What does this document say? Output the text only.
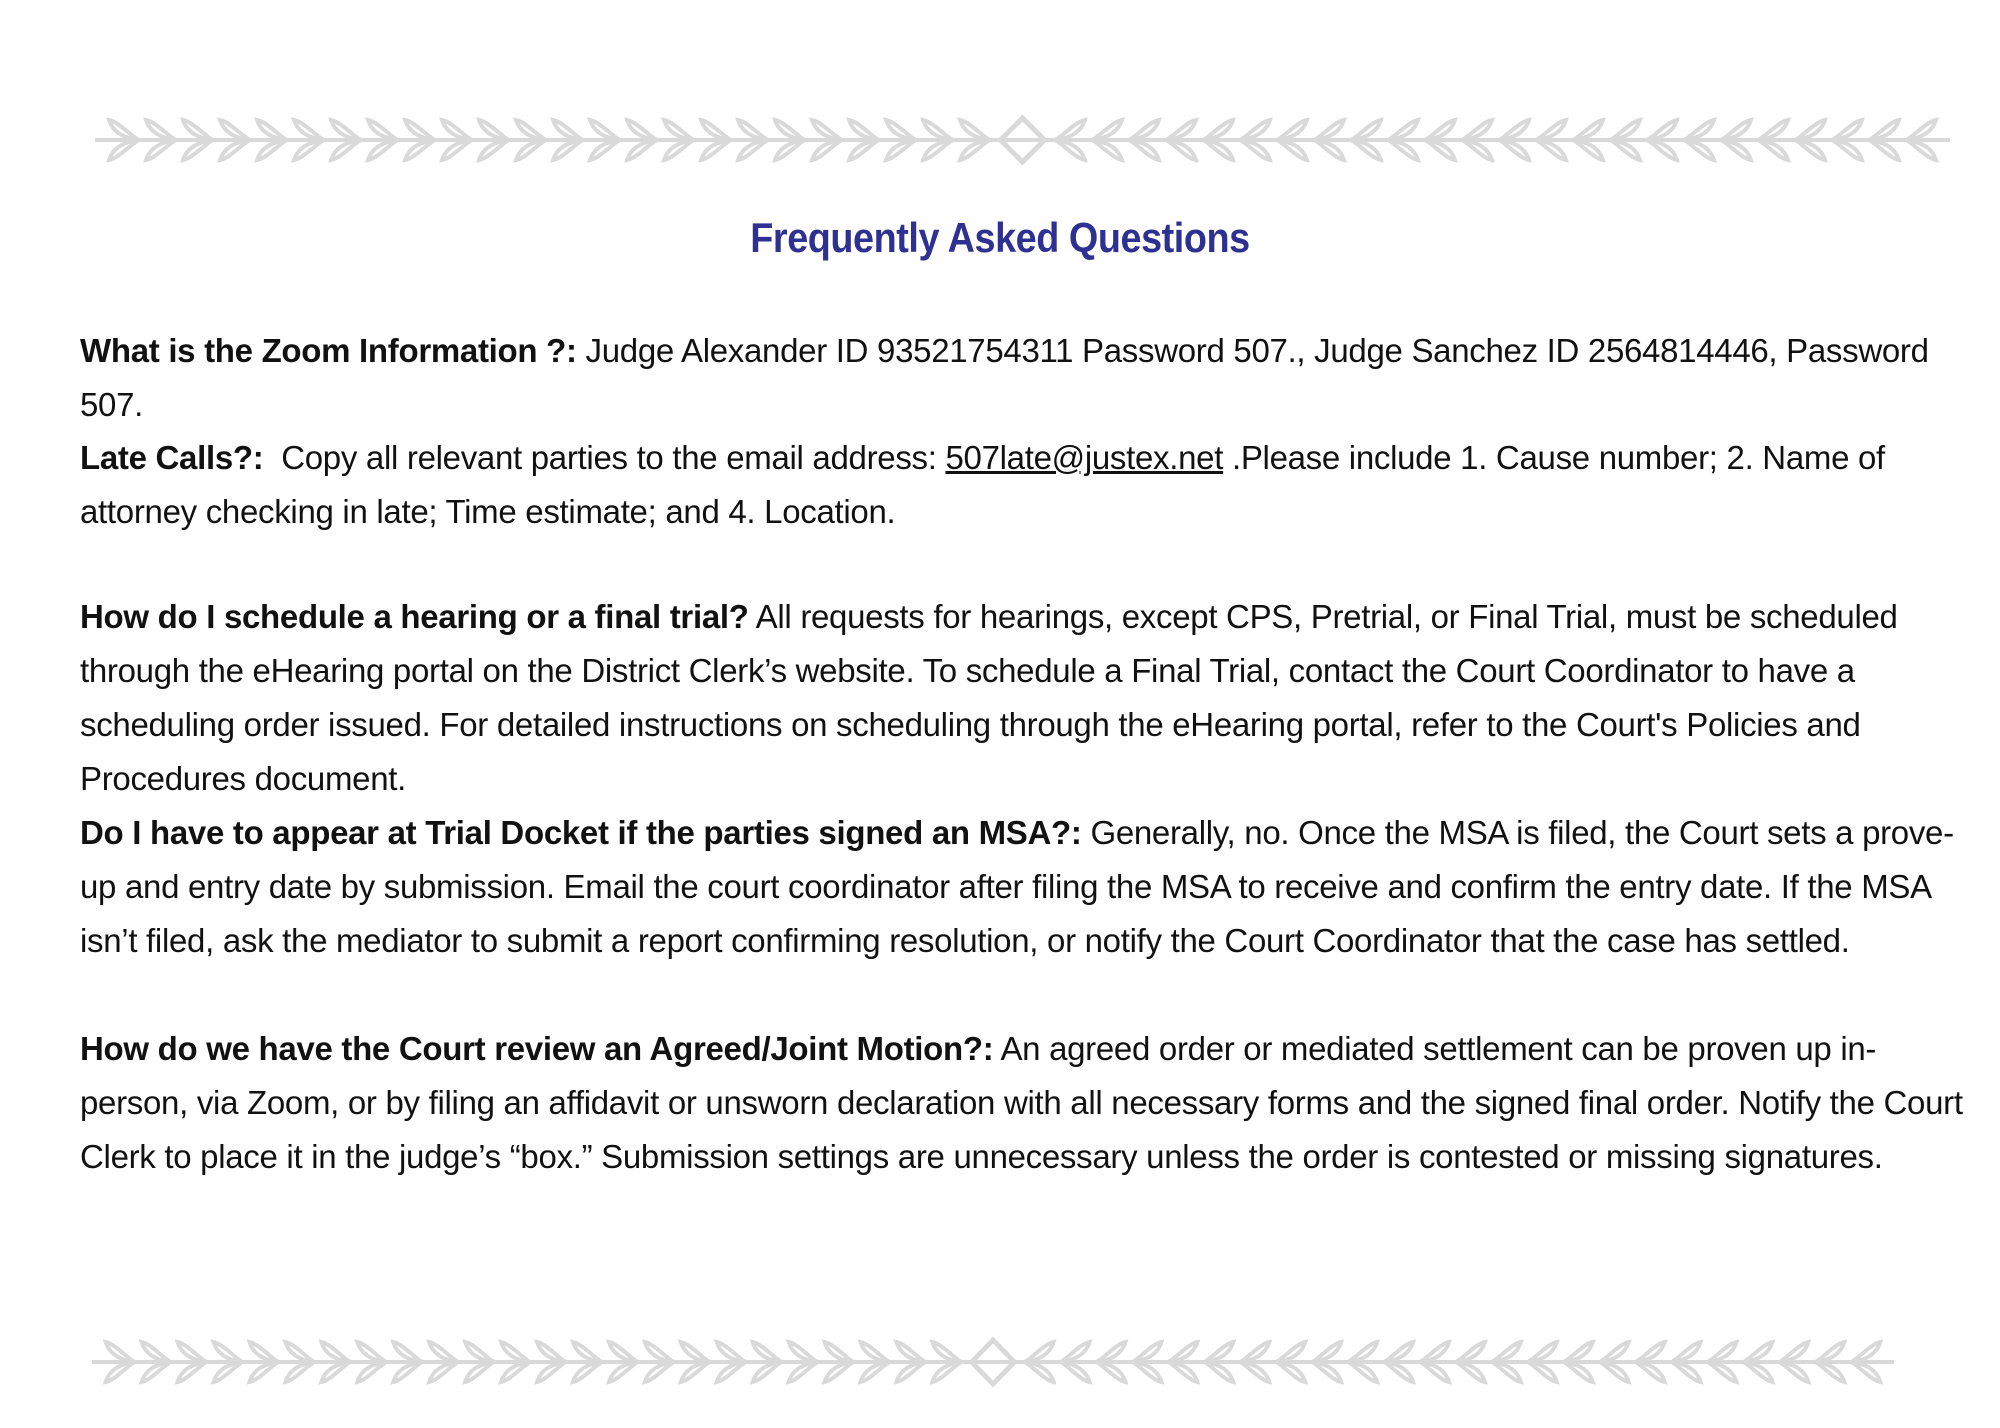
Frequently Asked Questions

What is the Zoom Information ?: Judge Alexander ID 93521754311 Password 507., Judge Sanchez ID 2564814446, Password 507.

Late Calls?:  Copy all relevant parties to the email address: 507late@justex.net .Please include 1. Cause number; 2. Name of attorney checking in late; Time estimate; and 4. Location.

How do I schedule a hearing or a final trial? All requests for hearings, except CPS, Pretrial, or Final Trial, must be scheduled through the eHearing portal on the District Clerk’s website. To schedule a Final Trial, contact the Court Coordinator to have a scheduling order issued. For detailed instructions on scheduling through the eHearing portal, refer to the Court's Policies and Procedures document.

Do I have to appear at Trial Docket if the parties signed an MSA?: Generally, no. Once the MSA is filed, the Court sets a prove-up and entry date by submission. Email the court coordinator after filing the MSA to receive and confirm the entry date. If the MSA isn’t filed, ask the mediator to submit a report confirming resolution, or notify the Court Coordinator that the case has settled.

How do we have the Court review an Agreed/Joint Motion?: An agreed order or mediated settlement can be proven up in-person, via Zoom, or by filing an affidavit or unsworn declaration with all necessary forms and the signed final order. Notify the Court Clerk to place it in the judge’s “box.” Submission settings are unnecessary unless the order is contested or missing signatures.
